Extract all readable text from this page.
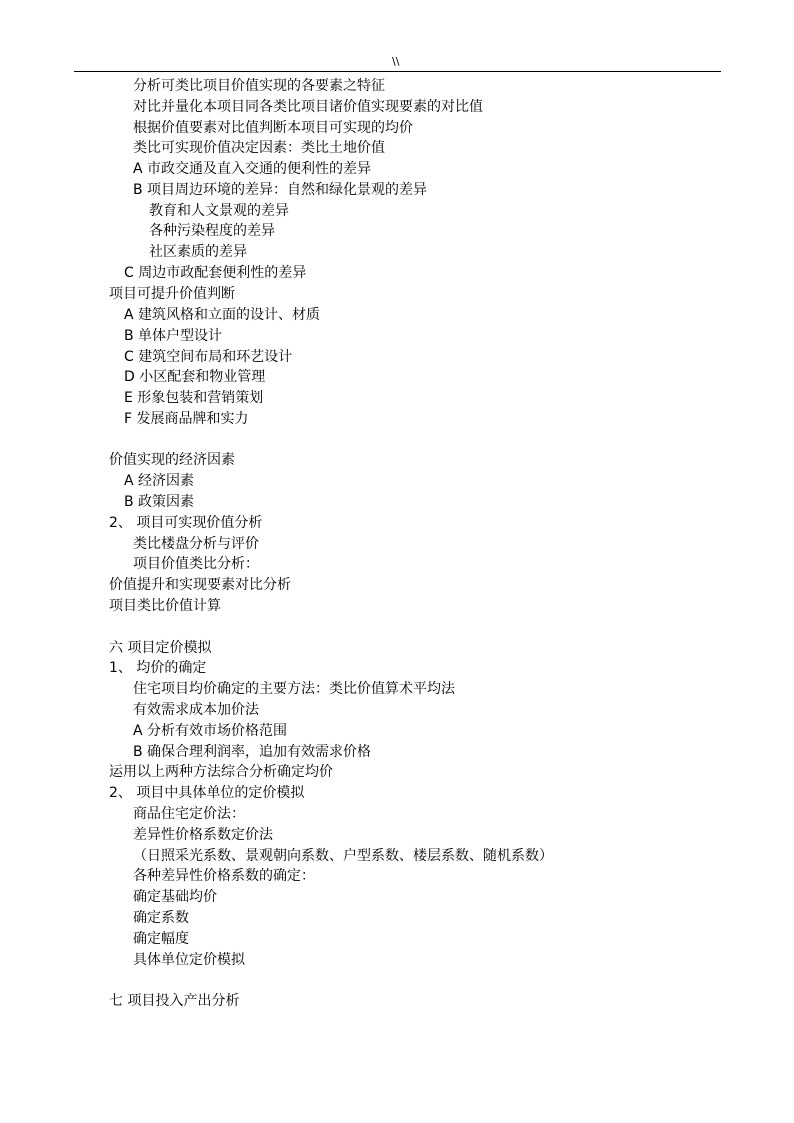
\\
分析可类比项目价值实现的各要素之特征
对比并量化本项目同各类比项目诸价值实现要素的对比值
根据价值要素对比值判断本项目可实现的均价
类比可实现价值决定因素：类比土地价值
A 市政交通及直入交通的便利性的差异
B 项目周边环境的差异：自然和绿化景观的差异
教育和人文景观的差异
各种污染程度的差异
社区素质的差异
C 周边市政配套便利性的差异
项目可提升价值判断
A 建筑风格和立面的设计、材质
B 单体户型设计
C 建筑空间布局和环艺设计
D 小区配套和物业管理
E 形象包装和营销策划
F 发展商品牌和实力
价值实现的经济因素
A 经济因素
B 政策因素
2、 项目可实现价值分析
类比楼盘分析与评价
项目价值类比分析：
价值提升和实现要素对比分析
项目类比价值计算
六 项目定价模拟
1、 均价的确定
住宅项目均价确定的主要方法：类比价值算术平均法
有效需求成本加价法
A 分析有效市场价格范围
B 确保合理利润率，追加有效需求价格
运用以上两种方法综合分析确定均价
2、 项目中具体单位的定价模拟
商品住宅定价法：
差异性价格系数定价法
（日照采光系数、景观朝向系数、户型系数、楼层系数、随机系数）
各种差异性价格系数的确定：
确定基础均价
确定系数
确定幅度
具体单位定价模拟
七 项目投入产出分析
